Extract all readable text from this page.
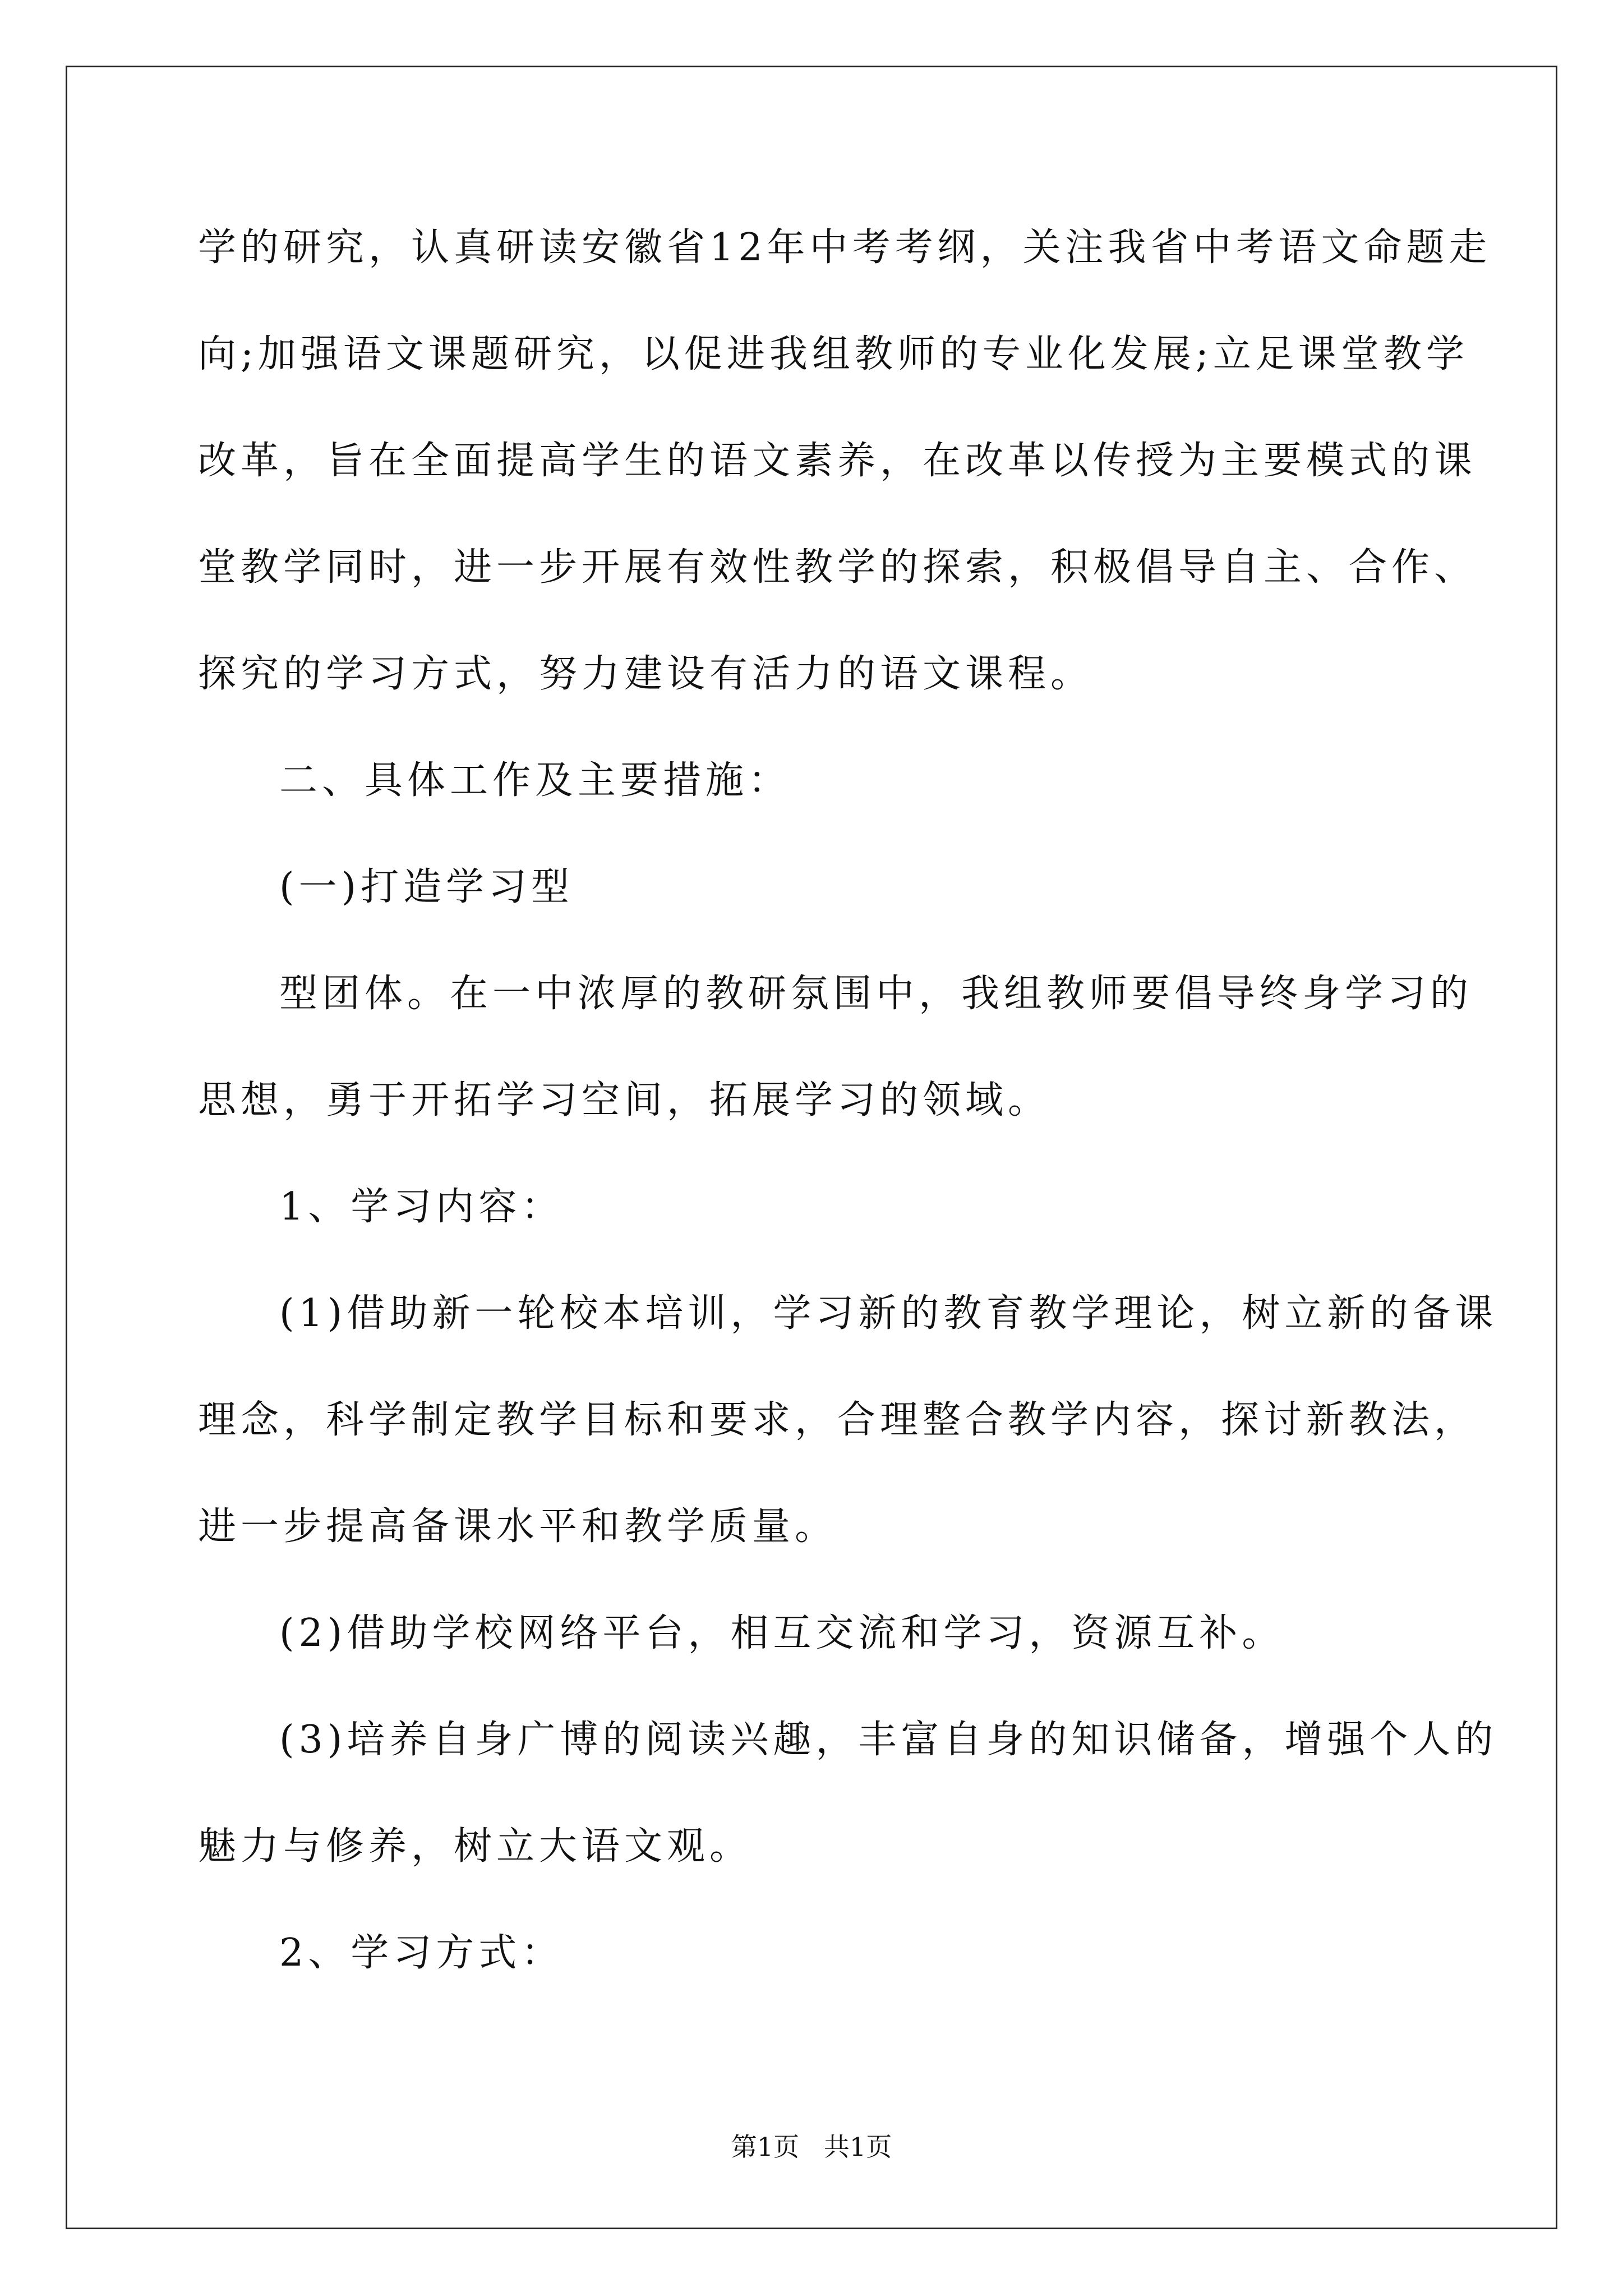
学的研究，认真研读安徽省12年中考考纲，关注我省中考语文命题走
向;加强语文课题研究，以促进我组教师的专业化发展;立足课堂教学
改革，旨在全面提高学生的语文素养，在改革以传授为主要模式的课
堂教学同时，进一步开展有效性教学的探索，积极倡导自主、合作、
探究的学习方式，努力建设有活力的语文课程。
二、具体工作及主要措施：
(一)打造学习型
型团体。在一中浓厚的教研氛围中，我组教师要倡导终身学习的
思想，勇于开拓学习空间，拓展学习的领域。
1、学习内容：
(1)借助新一轮校本培训，学习新的教育教学理论，树立新的备课
理念，科学制定教学目标和要求，合理整合教学内容，探讨新教法，
进一步提高备课水平和教学质量。
(2)借助学校网络平台，相互交流和学习，资源互补。
(3)培养自身广博的阅读兴趣，丰富自身的知识储备，增强个人的
魅力与修养，树立大语文观。
2、学习方式：
第1页   共1页
